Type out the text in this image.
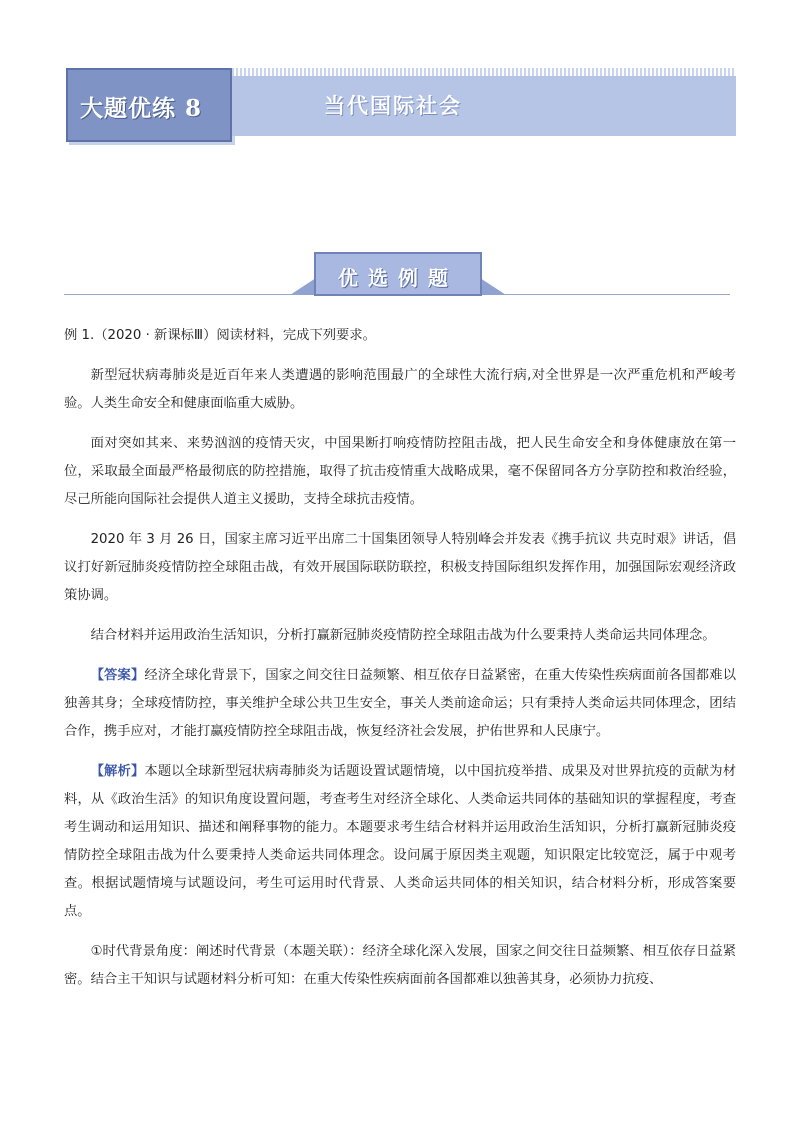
大题优练 8	当代国际社会
优选例题

例 1.（2020 · 新课标Ⅲ）阅读材料，完成下列要求。

新型冠状病毒肺炎是近百年来人类遭遇的影响范围最广的全球性大流行病,对全世界是一次严重危机和严峻考验。人类生命安全和健康面临重大威胁。

面对突如其来、来势汹汹的疫情天灾，中国果断打响疫情防控阻击战，把人民生命安全和身体健康放在第一位，采取最全面最严格最彻底的防控措施，取得了抗击疫情重大战略成果，毫不保留同各方分享防控和救治经验，尽己所能向国际社会提供人道主义援助，支持全球抗击疫情。

2020 年 3 月 26 日，国家主席习近平出席二十国集团领导人特别峰会并发表《携手抗议 共克时艰》讲话，倡议打好新冠肺炎疫情防控全球阻击战，有效开展国际联防联控，积极支持国际组织发挥作用，加强国际宏观经济政策协调。

结合材料并运用政治生活知识，分析打赢新冠肺炎疫情防控全球阻击战为什么要秉持人类命运共同体理念。

【答案】经济全球化背景下，国家之间交往日益频繁、相互依存日益紧密，在重大传染性疾病面前各国都难以独善其身；全球疫情防控，事关维护全球公共卫生安全，事关人类前途命运；只有秉持人类命运共同体理念，团结合作，携手应对，才能打赢疫情防控全球阻击战，恢复经济社会发展，护佑世界和人民康宁。

【解析】本题以全球新型冠状病毒肺炎为话题设置试题情境，以中国抗疫举措、成果及对世界抗疫的贡献为材料，从《政治生活》的知识角度设置问题，考查考生对经济全球化、人类命运共同体的基础知识的掌握程度，考查考生调动和运用知识、描述和阐释事物的能力。本题要求考生结合材料并运用政治生活知识，分析打赢新冠肺炎疫情防控全球阻击战为什么要秉持人类命运共同体理念。设问属于原因类主观题，知识限定比较宽泛，属于中观考查。根据试题情境与试题设问，考生可运用时代背景、人类命运共同体的相关知识，结合材料分析，形成答案要点。

①时代背景角度：阐述时代背景（本题关联）：经济全球化深入发展，国家之间交往日益频繁、相互依存日益紧密。结合主干知识与试题材料分析可知：在重大传染性疾病面前各国都难以独善其身，必须协力抗疫、
